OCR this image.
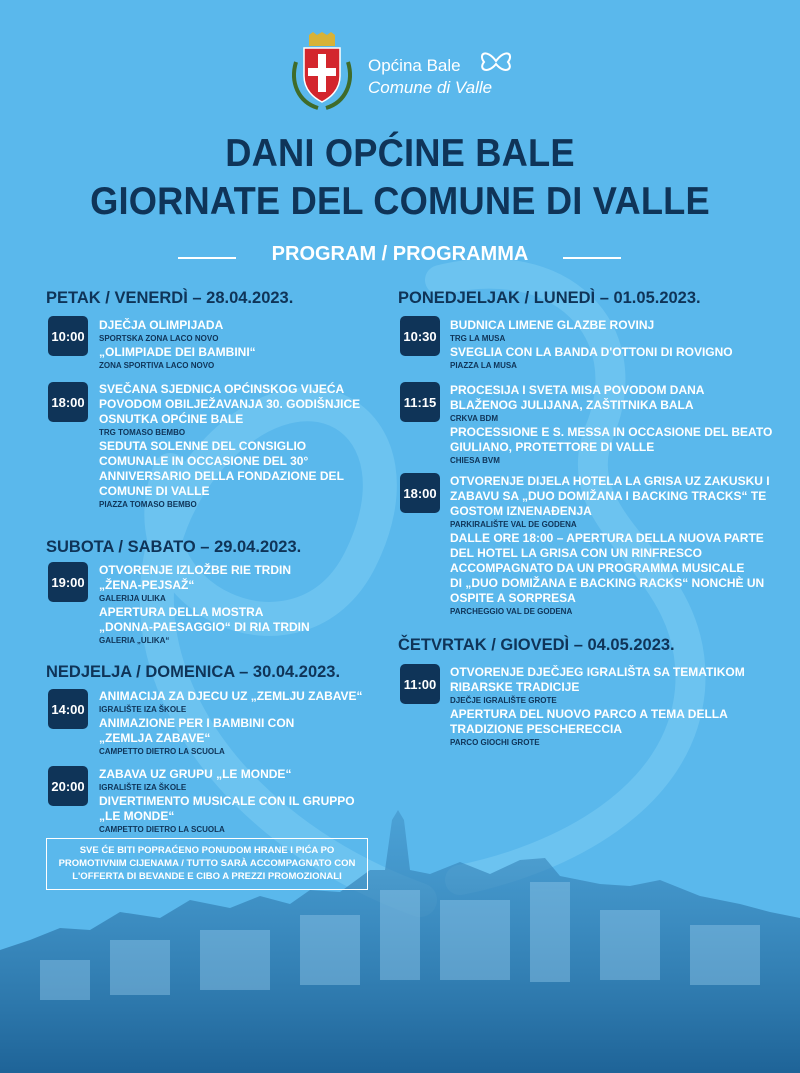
Općina Bale
Comune di Valle
DANI OPĆINE BALE
GIORNATE DEL COMUNE DI VALLE
PROGRAM / PROGRAMMA
PETAK / VENERDÌ – 28.04.2023.
10:00
DJEČJA OLIMPIJADA
SPORTSKA ZONA LACO NOVO
„OLIMPIADE DEI BAMBINI“
ZONA SPORTIVA LACO NOVO
18:00
SVEČANA SJEDNICA OPĆINSKOG VIJEĆA
POVODOM OBILJEŽAVANJA 30. GODIŠNJICE
OSNUTKA OPĆINE BALE
TRG TOMASO BEMBO
SEDUTA SOLENNE DEL CONSIGLIO
COMUNALE IN OCCASIONE DEL 30°
ANNIVERSARIO DELLA FONDAZIONE DEL
COMUNE DI VALLE
PIAZZA TOMASO BEMBO
SUBOTA / SABATO – 29.04.2023.
19:00
OTVORENJE IZLOŽBE RIE TRDIN
„ŽENA-PEJSAŽ“
GALERIJA ULIKA
APERTURA DELLA MOSTRA
„DONNA-PAESAGGIO“ DI RIA TRDIN
GALERIA „ULIKA“
NEDJELJA / DOMENICA – 30.04.2023.
14:00
ANIMACIJA ZA DJECU UZ „ZEMLJU ZABAVE“
IGRALIŠTE IZA ŠKOLE
ANIMAZIONE PER I BAMBINI CON
„ZEMLJA ZABAVE“
CAMPETTO DIETRO LA SCUOLA
20:00
ZABAVA UZ GRUPU „LE MONDE“
IGRALIŠTE IZA ŠKOLE
DIVERTIMENTO MUSICALE CON IL GRUPPO
„LE MONDE“
CAMPETTO DIETRO LA SCUOLA
SVE ĆE BITI POPRAĆENO PONUDOM HRANE I PIĆA PO
PROMOTIVNIM CIJENAMA / TUTTO SARÀ ACCOMPAGNATO CON
L'OFFERTA DI BEVANDE E CIBO A PREZZI PROMOZIONALI
PONEDJELJAK / LUNEDÌ – 01.05.2023.
10:30
BUDNICA LIMENE GLAZBE ROVINJ
TRG LA MUSA
SVEGLIA CON LA BANDA D'OTTONI DI ROVIGNO
PIAZZA LA MUSA
11:15
PROCESIJA I SVETA MISA POVODOM DANA
BLAŽENOG JULIJANA, ZAŠTITNIKA BALA
CRKVA BDM
PROCESSIONE E S. MESSA IN OCCASIONE DEL BEATO
GIULIANO, PROTETTORE DI VALLE
CHIESA BVM
18:00
OTVORENJE DIJELA HOTELA LA GRISA UZ ZAKUSKU I
ZABAVU SA „DUO DOMIŽANA I BACKING TRACKS“ TE
GOSTOM IZNENAĐENJA
PARKIRALIŠTE VAL DE GODENA
DALLE ORE 18:00 – APERTURA DELLA NUOVA PARTE
DEL HOTEL LA GRISA CON UN RINFRESCO
ACCOMPAGNATO DA UN PROGRAMMA MUSICALE
DI „DUO DOMIŽANA E BACKING RACKS“ NONCHÈ UN
OSPITE A SORPRESA
PARCHEGGIO VAL DE GODENA
ČETVRTAK / GIOVEDÌ – 04.05.2023.
11:00
OTVORENJE DJEČJEG IGRALIŠTA SA TEMATIKOM
RIBARSKE TRADICIJE
DJEČJE IGRALIŠTE GROTE
APERTURA DEL NUOVO PARCO A TEMA DELLA
TRADIZIONE PESCHERECCIA
PARCO GIOCHI GROTE
